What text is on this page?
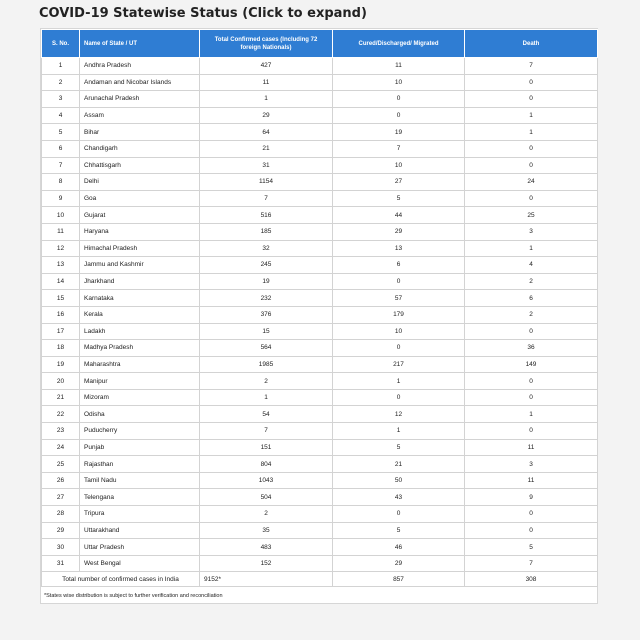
COVID-19 Statewise Status (Click to expand)
S. No.	Name of State / UT	Total Confirmed cases (Including 72 foreign Nationals)	Cured/Discharged/ Migrated	Death
1	Andhra Pradesh	427	11	7
2	Andaman and Nicobar Islands	11	10	0
3	Arunachal Pradesh	1	0	0
4	Assam	29	0	1
5	Bihar	64	19	1
6	Chandigarh	21	7	0
7	Chhattisgarh	31	10	0
8	Delhi	1154	27	24
9	Goa	7	5	0
10	Gujarat	516	44	25
11	Haryana	185	29	3
12	Himachal Pradesh	32	13	1
13	Jammu and Kashmir	245	6	4
14	Jharkhand	19	0	2
15	Karnataka	232	57	6
16	Kerala	376	179	2
17	Ladakh	15	10	0
18	Madhya Pradesh	564	0	36
19	Maharashtra	1985	217	149
20	Manipur	2	1	0
21	Mizoram	1	0	0
22	Odisha	54	12	1
23	Puducherry	7	1	0
24	Punjab	151	5	11
25	Rajasthan	804	21	3
26	Tamil Nadu	1043	50	11
27	Telengana	504	43	9
28	Tripura	2	0	0
29	Uttarakhand	35	5	0
30	Uttar Pradesh	483	46	5
31	West Bengal	152	29	7
Total number of confirmed cases in India		9152*	857	308
*States wise distribution is subject to further verification and reconciliation
